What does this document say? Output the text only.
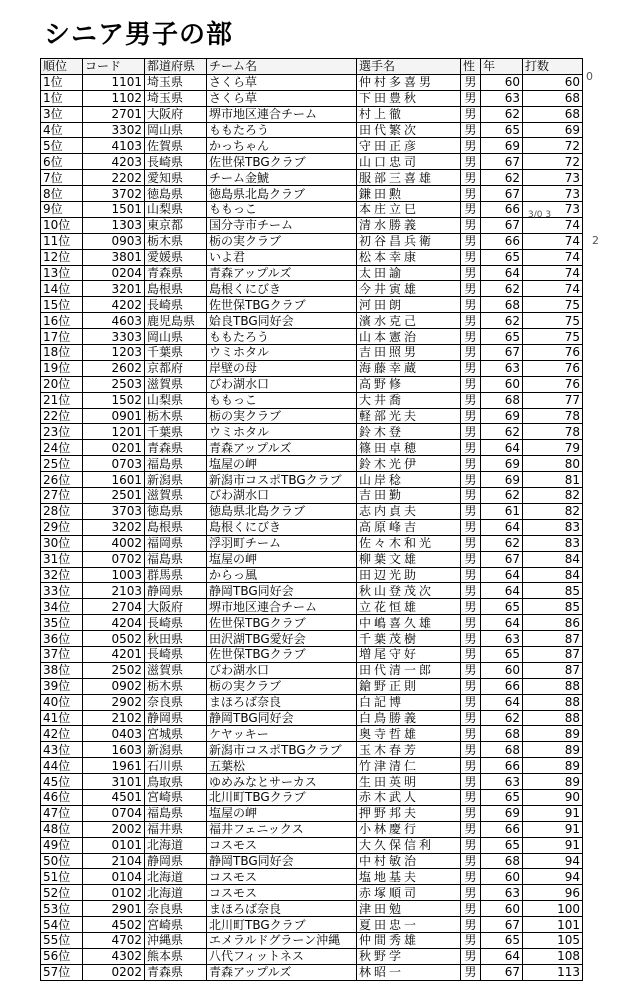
シニア男子の部
順位	コード	都道府県	チーム名	選手名	性	年	打数
1位	1101	埼玉県	さくら草	仲村多喜男	男	60	60
1位	1102	埼玉県	さくら草	下田豊秋	男	63	68
3位	2701	大阪府	堺市地区連合チーム	村上徹	男	62	68
4位	3302	岡山県	ももたろう	田代繁次	男	65	69
5位	4103	佐賀県	かっちゃん	守田正彦	男	69	72
6位	4203	長崎県	佐世保TBGクラブ	山口忠司	男	67	72
7位	2202	愛知県	チーム金鯱	服部三喜雄	男	62	73
8位	3702	徳島県	徳島県北島クラブ	鎌田勲	男	67	73
9位	1501	山梨県	ももっこ	本庄立巳	男	66	73
10位	1303	東京都	国分寺市チーム	清水勝義	男	67	74
11位	0903	栃木県	栃の実クラブ	初谷昌兵衛	男	66	74
12位	3801	愛媛県	いよ君	松本幸康	男	65	74
13位	0204	青森県	青森アップルズ	太田諭	男	64	74
14位	3201	島根県	島根くにびき	今井寅雄	男	62	74
15位	4202	長崎県	佐世保TBGクラブ	河田朗	男	68	75
16位	4603	鹿児島県	姶良TBG同好会	濱水克己	男	62	75
17位	3303	岡山県	ももたろう	山本憲治	男	65	75
18位	1203	千葉県	ウミホタル	吉田照男	男	67	76
19位	2602	京都府	岸壁の母	海藤幸蔵	男	63	76
20位	2503	滋賀県	びわ湖水口	高野修	男	60	76
21位	1502	山梨県	ももっこ	大井喬	男	68	77
22位	0901	栃木県	栃の実クラブ	軽部光夫	男	69	78
23位	1201	千葉県	ウミホタル	鈴木登	男	62	78
24位	0201	青森県	青森アップルズ	篠田卓穂	男	64	79
25位	0703	福島県	塩屋の岬	鈴木光伊	男	69	80
26位	1601	新潟県	新潟市コスポTBGクラブ	山岸稔	男	69	81
27位	2501	滋賀県	びわ湖水口	吉田勤	男	62	82
28位	3703	徳島県	徳島県北島クラブ	志内貞夫	男	61	82
29位	3202	島根県	島根くにびき	高原峰吉	男	64	83
30位	4002	福岡県	浮羽町チーム	佐々木和光	男	62	83
31位	0702	福島県	塩屋の岬	柳葉文雄	男	67	84
32位	1003	群馬県	からっ風	田辺光助	男	64	84
33位	2103	静岡県	静岡TBG同好会	秋山登茂次	男	64	85
34位	2704	大阪府	堺市地区連合チーム	立花恒雄	男	65	85
35位	4204	長崎県	佐世保TBGクラブ	中嶋喜久雄	男	64	86
36位	0502	秋田県	田沢湖TBG愛好会	千葉茂樹	男	63	87
37位	4201	長崎県	佐世保TBGクラブ	増尾守好	男	65	87
38位	2502	滋賀県	びわ湖水口	田代清一郎	男	60	87
39位	0902	栃木県	栃の実クラブ	鎗野正則	男	66	88
40位	2902	奈良県	まほろば奈良	白記博	男	64	88
41位	2102	静岡県	静岡TBG同好会	白鳥勝義	男	62	88
42位	0403	宮城県	ケヤッキー	奥寺哲雄	男	68	89
43位	1603	新潟県	新潟市コスポTBGクラブ	玉木春芳	男	68	89
44位	1961	石川県	五葉松	竹津清仁	男	66	89
45位	3101	鳥取県	ゆめみなとサーカス	生田英明	男	63	89
46位	4501	宮崎県	北川町TBGクラブ	赤木武人	男	65	90
47位	0704	福島県	塩屋の岬	押野邦夫	男	69	91
48位	2002	福井県	福井フェニックス	小林慶行	男	66	91
49位	0101	北海道	コスモス	大久保信利	男	65	91
50位	2104	静岡県	静岡TBG同好会	中村敏治	男	68	94
51位	0104	北海道	コスモス	塩地基夫	男	60	94
52位	0102	北海道	コスモス	赤塚順司	男	63	96
53位	2901	奈良県	まほろば奈良	津田勉	男	60	100
54位	4502	宮崎県	北川町TBGクラブ	夏田忠一	男	67	101
55位	4702	沖縄県	エメラルドグラーン沖縄	仲間秀雄	男	65	105
56位	4302	熊本県	八代フィットネス	秋野学	男	64	108
57位	0202	青森県	青森アップルズ	林昭一	男	67	113
0
3/0 3
2
